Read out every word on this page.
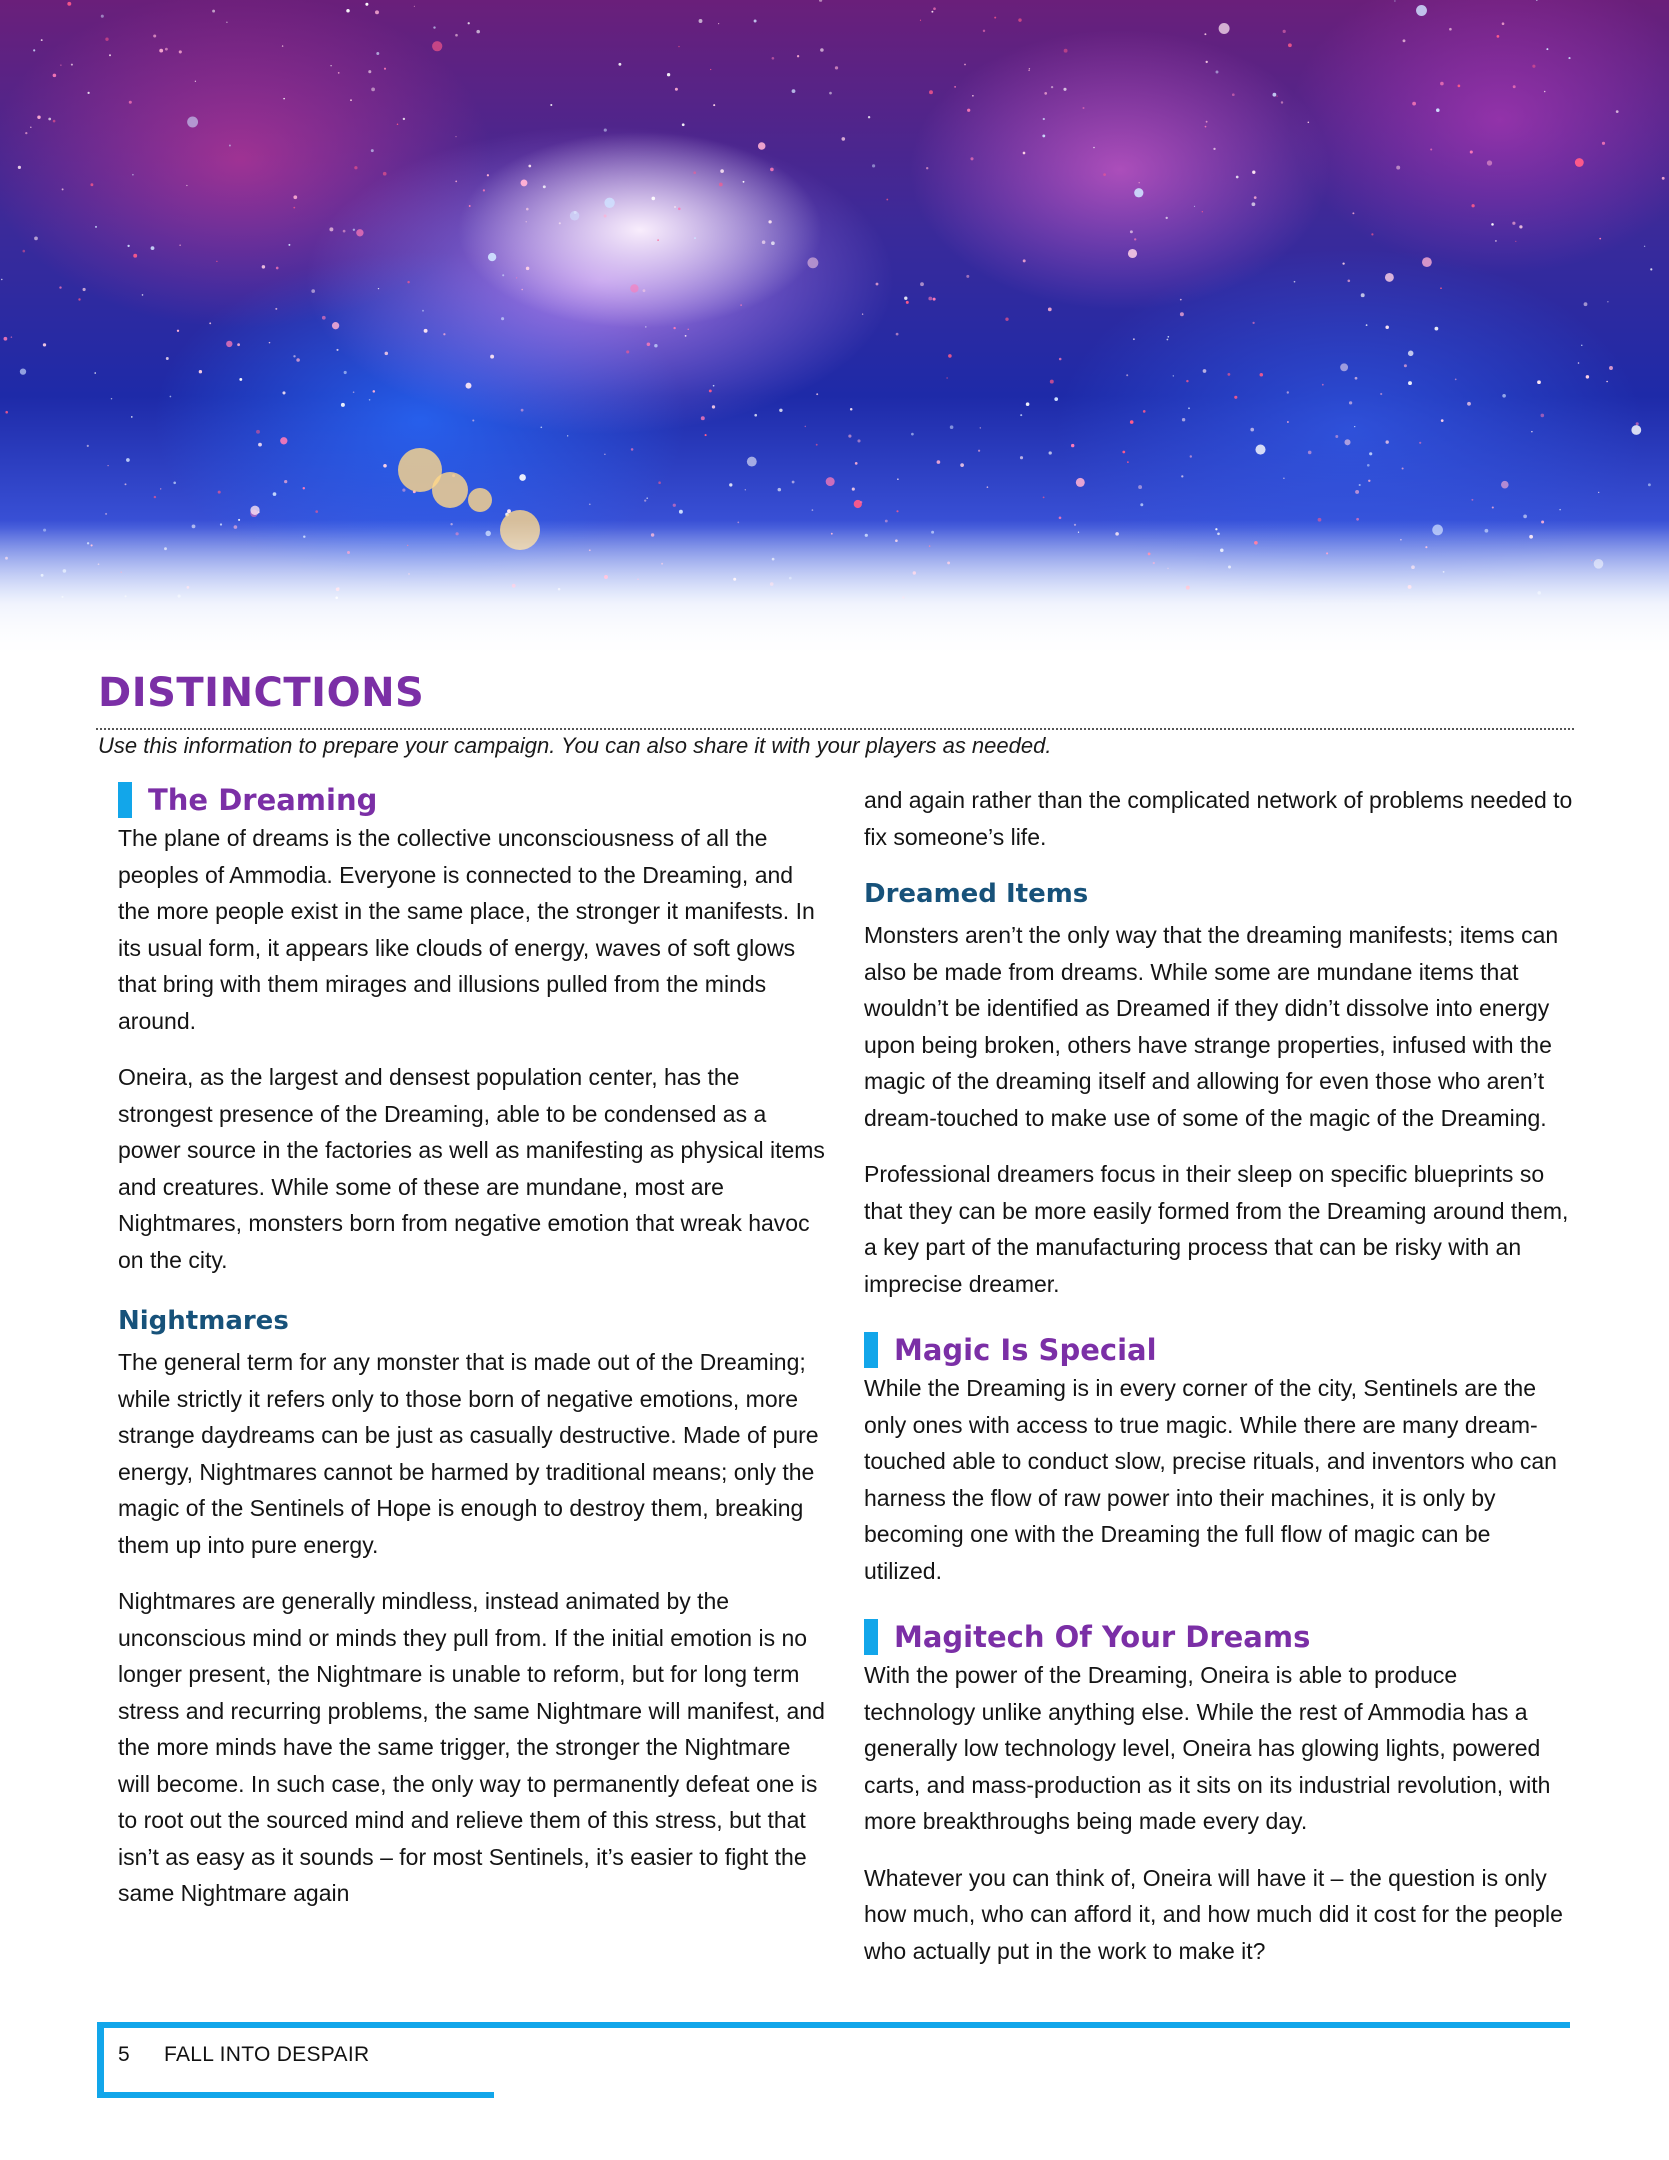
DISTINCTIONS

Use this information to prepare your campaign. You can also share it with your players as needed.

The Dreaming

The plane of dreams is the collective unconsciousness of all the peoples of Ammodia. Everyone is connected to the Dreaming, and the more people exist in the same place, the stronger it manifests. In its usual form, it appears like clouds of energy, waves of soft glows that bring with them mirages and illusions pulled from the minds around.

Oneira, as the largest and densest population center, has the strongest presence of the Dreaming, able to be condensed as a power source in the factories as well as manifesting as physical items and creatures. While some of these are mundane, most are Nightmares, monsters born from negative emotion that wreak havoc on the city.

Nightmares

The general term for any monster that is made out of the Dreaming; while strictly it refers only to those born of negative emotions, more strange daydreams can be just as casually destructive. Made of pure energy, Nightmares cannot be harmed by traditional means; only the magic of the Sentinels of Hope is enough to destroy them, breaking them up into pure energy.

Nightmares are generally mindless, instead animated by the unconscious mind or minds they pull from. If the initial emotion is no longer present, the Nightmare is unable to reform, but for long term stress and recurring problems, the same Nightmare will manifest, and the more minds have the same trigger, the stronger the Nightmare will become. In such case, the only way to permanently defeat one is to root out the sourced mind and relieve them of this stress, but that isn’t as easy as it sounds – for most Sentinels, it’s easier to fight the same Nightmare again

and again rather than the complicated network of problems needed to fix someone’s life.

Dreamed Items

Monsters aren’t the only way that the dreaming manifests; items can also be made from dreams. While some are mundane items that wouldn’t be identified as Dreamed if they didn’t dissolve into energy upon being broken, others have strange properties, infused with the magic of the dreaming itself and allowing for even those who aren’t dream-touched to make use of some of the magic of the Dreaming.

Professional dreamers focus in their sleep on specific blueprints so that they can be more easily formed from the Dreaming around them, a key part of the manufacturing process that can be risky with an imprecise dreamer.

Magic Is Special

While the Dreaming is in every corner of the city, Sentinels are the only ones with access to true magic. While there are many dream-touched able to conduct slow, precise rituals, and inventors who can harness the flow of raw power into their machines, it is only by becoming one with the Dreaming the full flow of magic can be utilized.

Magitech Of Your Dreams

With the power of the Dreaming, Oneira is able to produce technology unlike anything else. While the rest of Ammodia has a generally low technology level, Oneira has glowing lights, powered carts, and mass-production as it sits on its industrial revolution, with more breakthroughs being made every day.

Whatever you can think of, Oneira will have it – the question is only how much, who can afford it, and how much did it cost for the people who actually put in the work to make it?

5 FALL INTO DESPAIR
